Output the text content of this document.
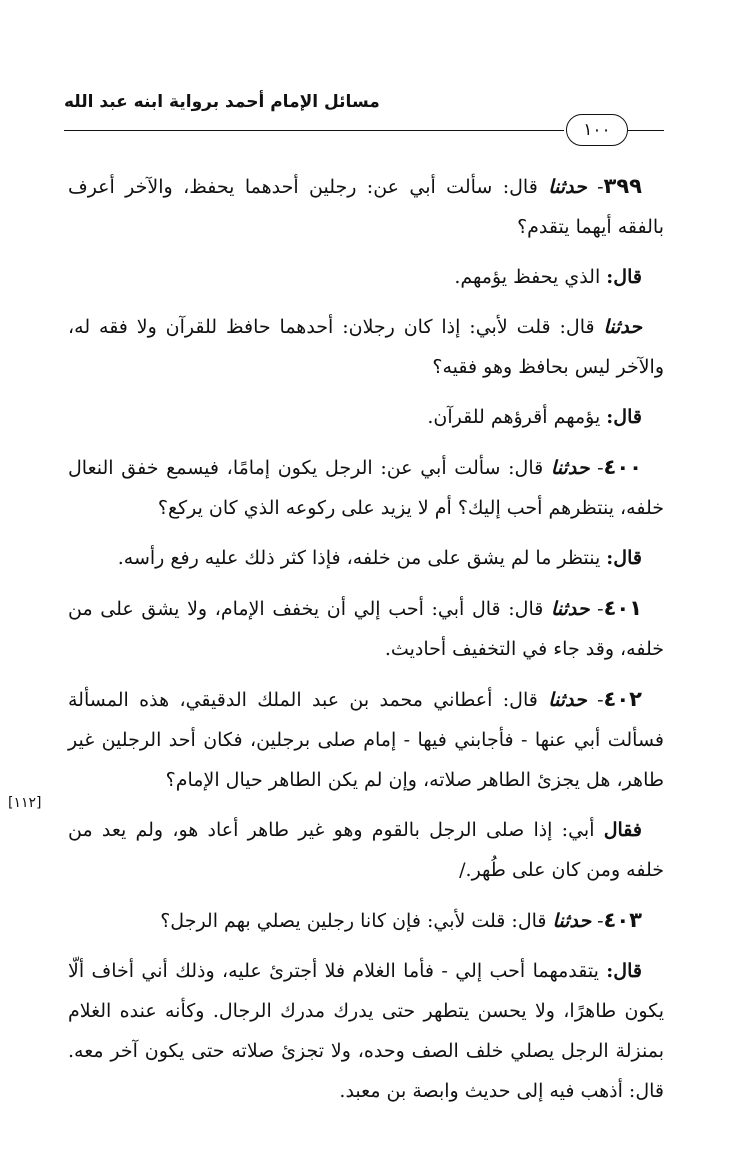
مسائل الإمام أحمد برواية ابنه عبد الله
١٠٠
[١١٢]

٣٩٩- حدثنا قال: سألت أبي عن: رجلين أحدهما يحفظ، والآخر أعرف بالفقه أيهما يتقدم؟

قال: الذي يحفظ يؤمهم.

حدثنا قال: قلت لأبي: إذا كان رجلان: أحدهما حافظ للقرآن ولا فقه له، والآخر ليس بحافظ وهو فقيه؟

قال: يؤمهم أقرؤهم للقرآن.

٤٠٠- حدثنا قال: سألت أبي عن: الرجل يكون إمامًا، فيسمع خفق النعال خلفه، ينتظرهم أحب إليك؟ أم لا يزيد على ركوعه الذي كان يركع؟

قال: ينتظر ما لم يشق على من خلفه، فإذا كثر ذلك عليه رفع رأسه.

٤٠١- حدثنا قال: قال أبي: أحب إلي أن يخفف الإمام، ولا يشق على من خلفه، وقد جاء في التخفيف أحاديث.

٤٠٢- حدثنا قال: أعطاني محمد بن عبد الملك الدقيقي، هذه المسألة فسألت أبي عنها - فأجابني فيها - إمام صلى برجلين، فكان أحد الرجلين غير طاهر، هل يجزئ الطاهر صلاته، وإن لم يكن الطاهر حيال الإمام؟

فقال أبي: إذا صلى الرجل بالقوم وهو غير طاهر أعاد هو، ولم يعد من خلفه ومن كان على طُهر./

٤٠٣- حدثنا قال: قلت لأبي: فإن كانا رجلين يصلي بهم الرجل؟

قال: يتقدمهما أحب إلي - فأما الغلام فلا أجترئ عليه، وذلك أني أخاف ألّا يكون طاهرًا، ولا يحسن يتطهر حتى يدرك مدرك الرجال. وكأنه عنده الغلام بمنزلة الرجل يصلي خلف الصف وحده، ولا تجزئ صلاته حتى يكون آخر معه. قال: أذهب فيه إلى حديث وابصة بن معبد.
